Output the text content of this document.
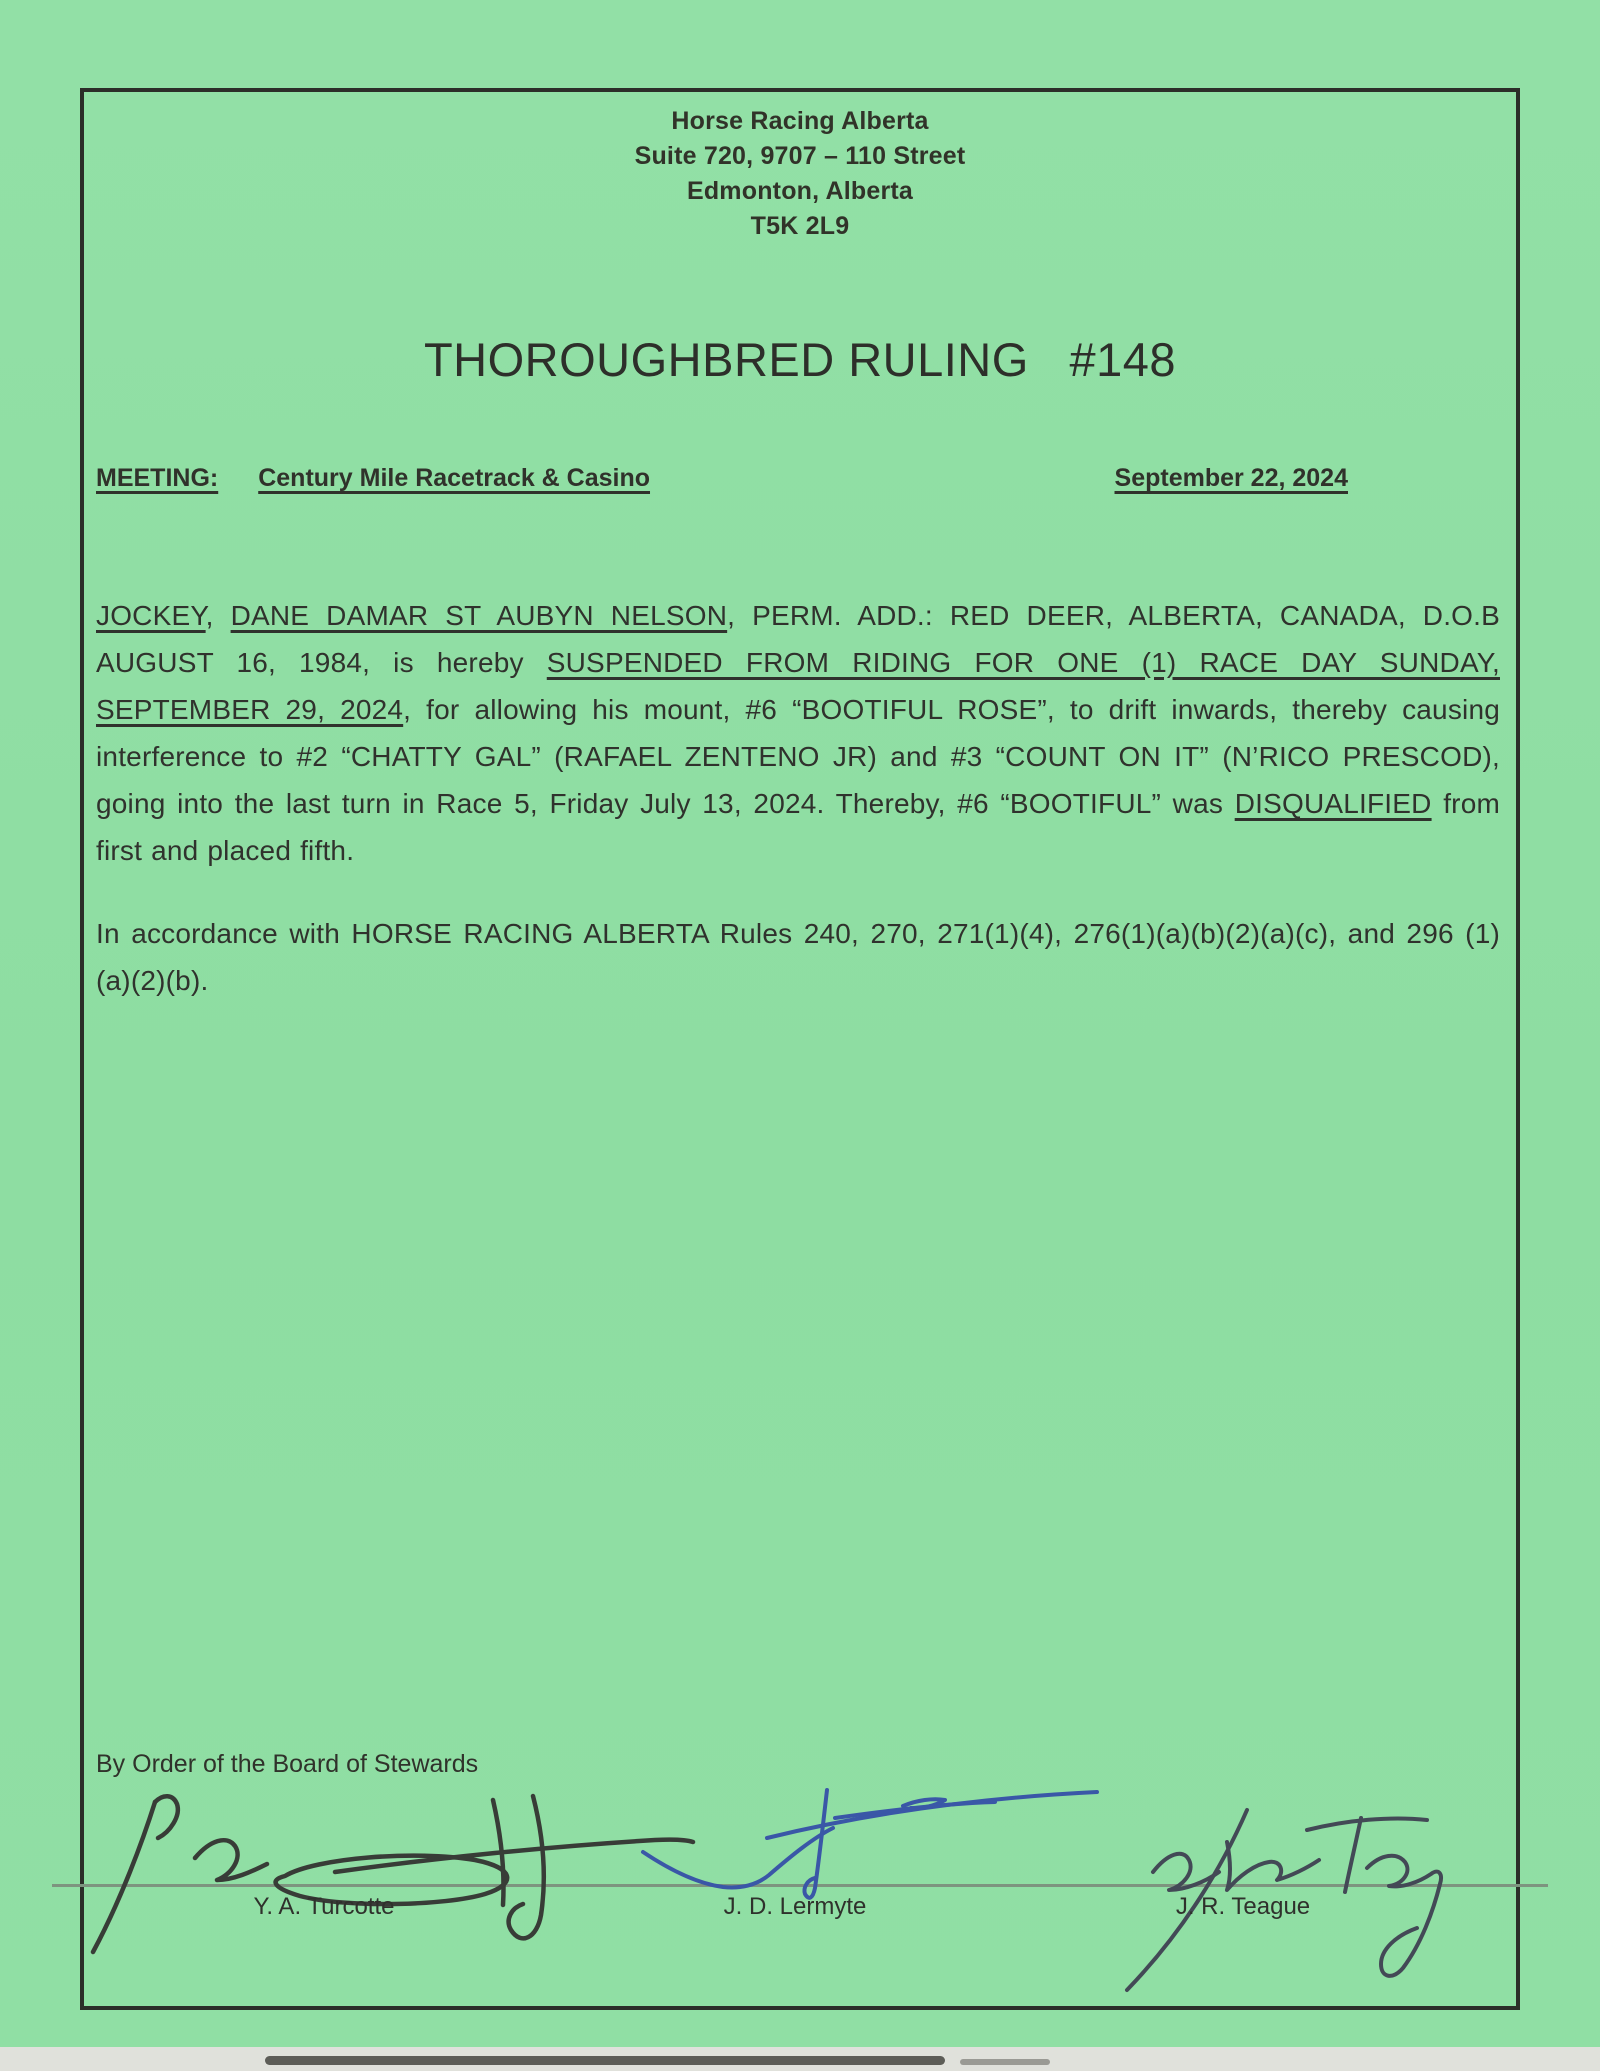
Horse Racing Alberta
Suite 720, 9707 – 110 Street
Edmonton, Alberta
T5K 2L9
THOROUGHBRED RULING   #148
MEETING: Century Mile Racetrack & Casino	September 22, 2024
JOCKEY, DANE DAMAR ST AUBYN NELSON, PERM. ADD.: RED DEER, ALBERTA, CANADA, D.O.B AUGUST 16, 1984, is hereby SUSPENDED FROM RIDING FOR ONE (1) RACE DAY SUNDAY, SEPTEMBER 29, 2024, for allowing his mount, #6 “BOOTIFUL ROSE”, to drift inwards, thereby causing interference to #2 “CHATTY GAL” (RAFAEL ZENTENO JR) and #3 “COUNT ON IT” (N’RICO PRESCOD), going into the last turn in Race 5, Friday July 13, 2024. Thereby, #6 “BOOTIFUL” was DISQUALIFIED from first and placed fifth.
In accordance with HORSE RACING ALBERTA Rules 240, 270, 271(1)(4), 276(1)(a)(b)(2)(a)(c), and 296 (1)(a)(2)(b).
By Order of the Board of Stewards
Y. A. Turcotte	J. D. Lermyte	J. R. Teague
